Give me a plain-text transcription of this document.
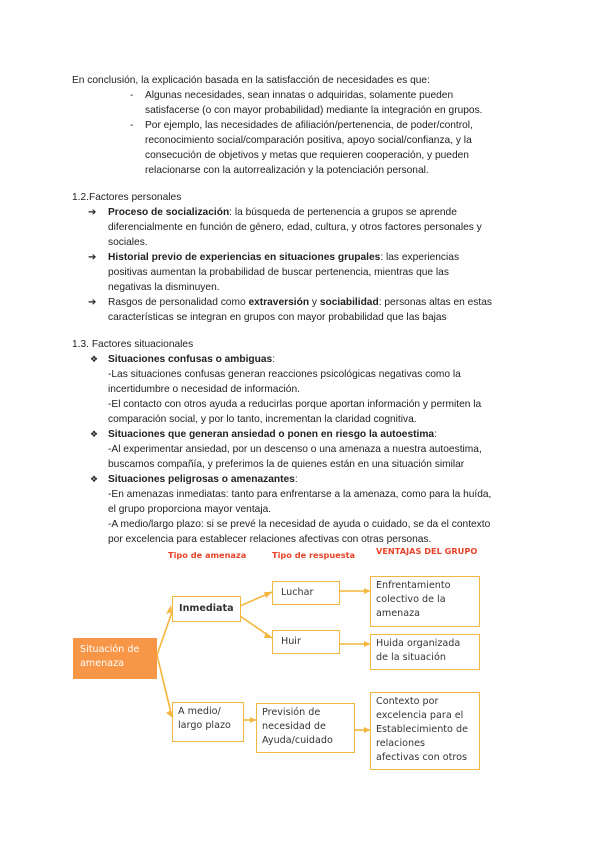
En conclusión, la explicación basada en la satisfacción de necesidades es que:
- Algunas necesidades, sean innatas o adquiridas, solamente pueden
satisfacerse (o con mayor probabilidad) mediante la integración en grupos.
- Por ejemplo, las necesidades de afiliación/pertenencia, de poder/control,
reconocimiento social/comparación positiva, apoyo social/confianza, y la
consecución de objetivos y metas que requieren cooperación, y pueden
relacionarse con la autorrealización y la potenciación personal.
1.2.Factores personales
➔ Proceso de socialización: la búsqueda de pertenencia a grupos se aprende
diferencialmente en función de género, edad, cultura, y otros factores personales y
sociales.
➔ Historial previo de experiencias en situaciones grupales: las experiencias
positivas aumentan la probabilidad de buscar pertenencia, mientras que las
negativas la disminuyen.
➔ Rasgos de personalidad como extraversión y sociabilidad: personas altas en estas
características se integran en grupos con mayor probabilidad que las bajas
1.3. Factores situacionales
❖ Situaciones confusas o ambiguas:
-Las situaciones confusas generan reacciones psicológicas negativas como la
incertidumbre o necesidad de información.
-El contacto con otros ayuda a reducirlas porque aportan información y permiten la
comparación social, y por lo tanto, incrementan la claridad cognitiva.
❖ Situaciones que generan ansiedad o ponen en riesgo la autoestima:
-Al experimentar ansiedad, por un descenso o una amenaza a nuestra autoestima,
buscamos compañía, y preferimos la de quienes están en una situación similar
❖ Situaciones peligrosas o amenazantes:
-En amenazas inmediatas: tanto para enfrentarse a la amenaza, como para la huída,
el grupo proporciona mayor ventaja.
-A medio/largo plazo: si se prevé la necesidad de ayuda o cuidado, se da el contexto
por excelencia para establecer relaciones afectivas con otras personas.
Tipo de amenaza	Tipo de respuesta	VENTAJAS DEL GRUPO
Situación de
amenaza
Inmediata
A medio/
largo plazo
Luchar
Huir
Previsión de
necesidad de
Ayuda/cuidado
Enfrentamiento
colectivo de la
amenaza
Huida organizada
de la situación
Contexto por
excelencia para el
Establecimiento de
relaciones
afectivas con otros
